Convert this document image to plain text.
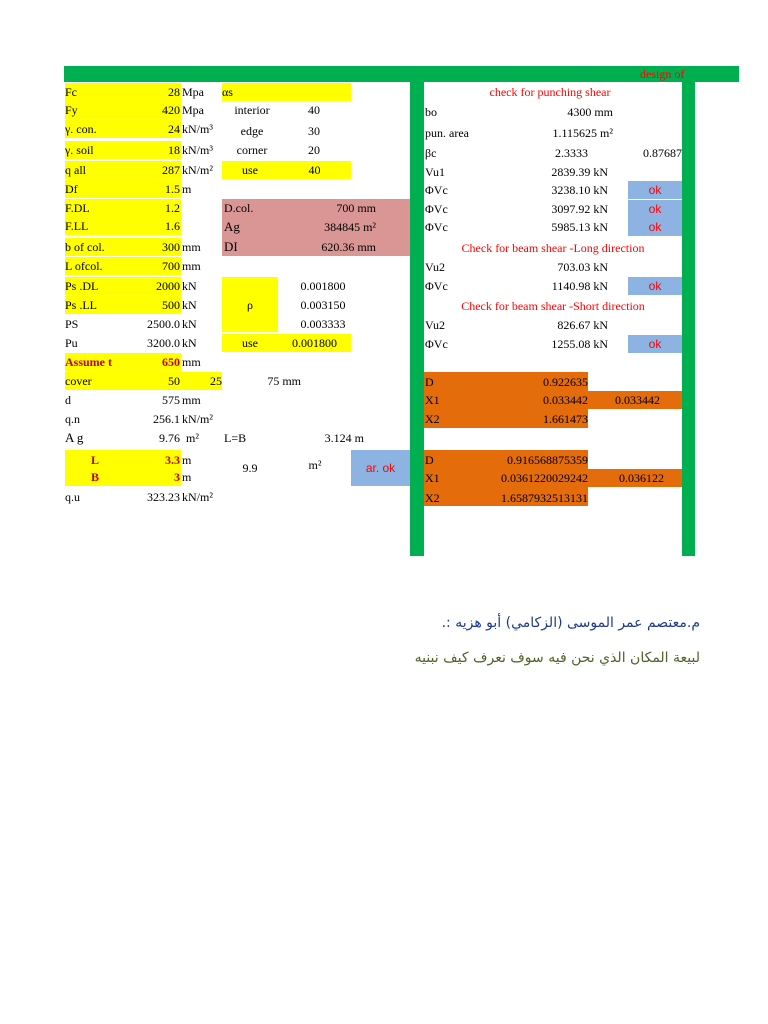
design of
Fc	28 Mpa
Fy	420 Mpa
γ. con.	24 kN/m³
γ. soil	18 kN/m³
q all	287 kN/m²
Df	1.5 m
F.DL	1.2
F.LL	1.6
b of col.	300 mm
L ofcol.	700 mm
Ps .DL	2000 kN
Ps .LL	500 kN
PS	2500.0 kN
Pu	3200.0 kN
Assume t	650 mm
cover	50	25	75 mm
d	575 mm
q.n	256.1 kN/m²
A g	9.76 m²	L=B	3.124 m
L	3.3 m
B	3 m
9.9	m²	ar. ok
q.u	323.23 kN/m²
αs
interior	40
edge	30
corner	20
use	40
D.col.	700 mm
Ag	384845 m²
DI	620.36 mm
ρ
0.001800
0.003150
0.003333
use	0.001800
check for punching shear
bo	4300 mm
pun. area	1.115625 m²
βc	2.3333	0.87687
Vu1	2839.39 kN
ΦVc	3238.10 kN	ok
ΦVc	3097.92 kN	ok
ΦVc	5985.13 kN	ok
Check for beam shear -Long direction
Vu2	703.03 kN
ΦVc	1140.98 kN	ok
Check for beam shear -Short direction
Vu2	826.67 kN
ΦVc	1255.08 kN	ok
D	0.922635
X1	0.033442	0.033442
X2	1.661473
D	0.916568875359
X1	0.0361220029242	0.036122
X2	1.6587932513131
م.معتصم عمر الموسى (الزكامي) أبو هزيه :.
لبيعة المكان الذي نحن فيه سوف نعرف كيف نبنيه
